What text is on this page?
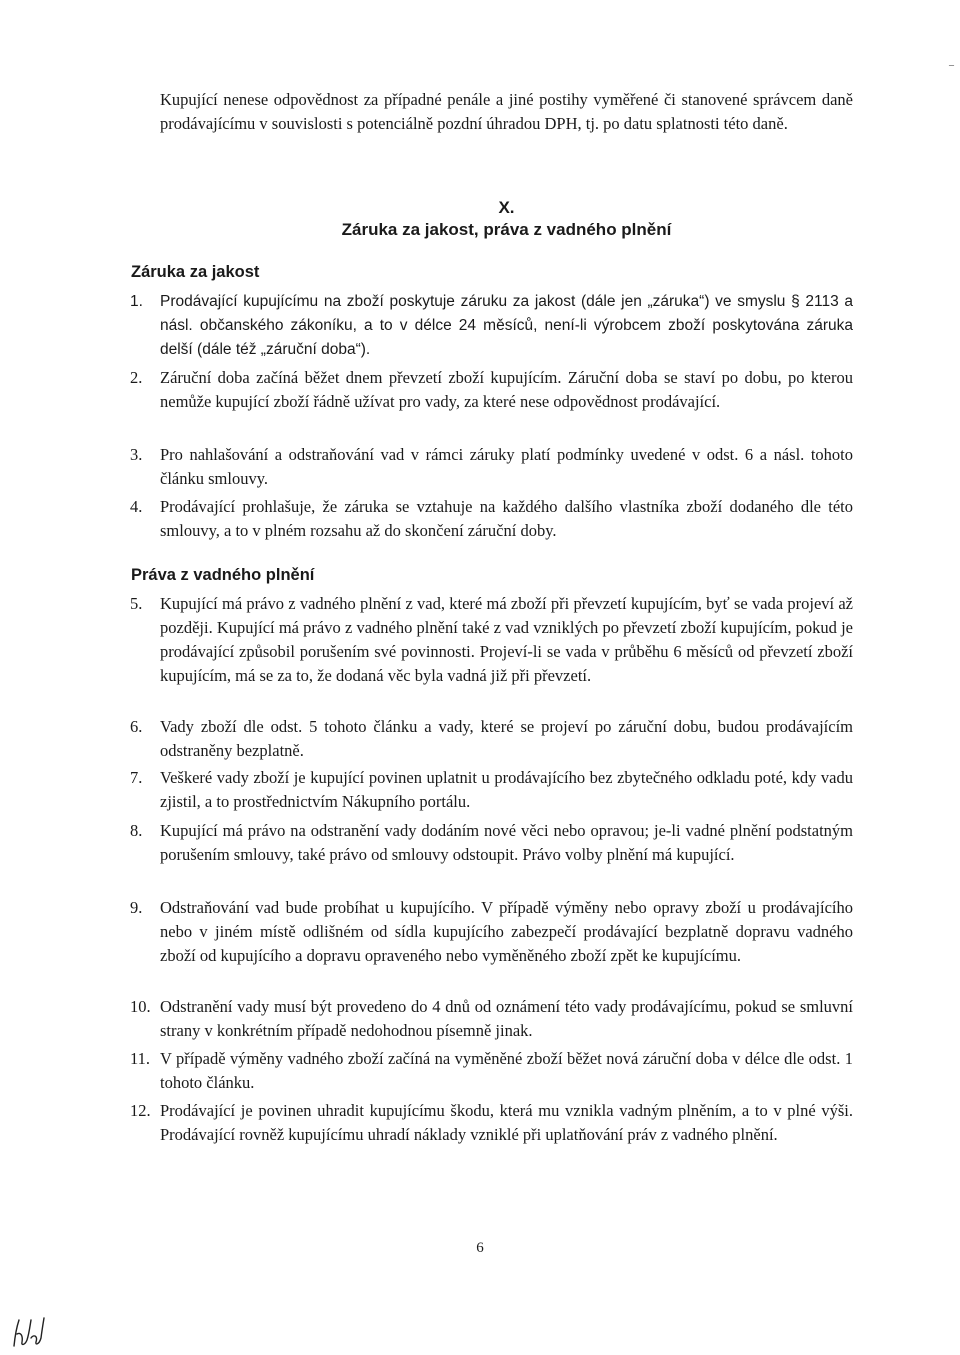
–
Kupující nenese odpovědnost za případné penále a jiné postihy vyměřené či stanovené správcem daně prodávajícímu v souvislosti s potenciálně pozdní úhradou DPH, tj. po datu splatnosti této daně.
X.
Záruka za jakost, práva z vadného plnění
Záruka za jakost
1.	Prodávající kupujícímu na zboží poskytuje záruku za jakost (dále jen „záruka“) ve smyslu § 2113 a násl. občanského zákoníku, a to v délce 24 měsíců, není-li výrobcem zboží poskytována záruka delší (dále též „záruční doba“).
2.	Záruční doba začíná běžet dnem převzetí zboží kupujícím. Záruční doba se staví po dobu, po kterou nemůže kupující zboží řádně užívat pro vady, za které nese odpovědnost prodávající.
3.	Pro nahlašování a odstraňování vad v rámci záruky platí podmínky uvedené v odst. 6 a násl. tohoto článku smlouvy.
4.	Prodávající prohlašuje, že záruka se vztahuje na každého dalšího vlastníka zboží dodaného dle této smlouvy, a to v plném rozsahu až do skončení záruční doby.
Práva z vadného plnění
5.	Kupující má právo z vadného plnění z vad, které má zboží při převzetí kupujícím, byť se vada projeví až později. Kupující má právo z vadného plnění také z vad vzniklých po převzetí zboží kupujícím, pokud je prodávající způsobil porušením své povinnosti. Projeví-li se vada v průběhu 6 měsíců od převzetí zboží kupujícím, má se za to, že dodaná věc byla vadná již při převzetí.
6.	Vady zboží dle odst. 5 tohoto článku a vady, které se projeví po záruční dobu, budou prodávajícím odstraněny bezplatně.
7.	Veškeré vady zboží je kupující povinen uplatnit u prodávajícího bez zbytečného odkladu poté, kdy vadu zjistil, a to prostřednictvím Nákupního portálu.
8.	Kupující má právo na odstranění vady dodáním nové věci nebo opravou; je-li vadné plnění podstatným porušením smlouvy, také právo od smlouvy odstoupit. Právo volby plnění má kupující.
9.	Odstraňování vad bude probíhat u kupujícího. V případě výměny nebo opravy zboží u prodávajícího nebo v jiném místě odlišném od sídla kupujícího zabezpečí prodávající bezplatně dopravu vadného zboží od kupujícího a dopravu opraveného nebo vyměněného zboží zpět ke kupujícímu.
10. Odstranění vady musí být provedeno do 4 dnů od oznámení této vady prodávajícímu, pokud se smluvní strany v konkrétním případě nedohodnou písemně jinak.
11. V případě výměny vadného zboží začíná na vyměněné zboží běžet nová záruční doba v délce dle odst. 1 tohoto článku.
12. Prodávající je povinen uhradit kupujícímu škodu, která mu vznikla vadným plněním, a to v plné výši. Prodávající rovněž kupujícímu uhradí náklady vzniklé při uplatňování práv z vadného plnění.
6
